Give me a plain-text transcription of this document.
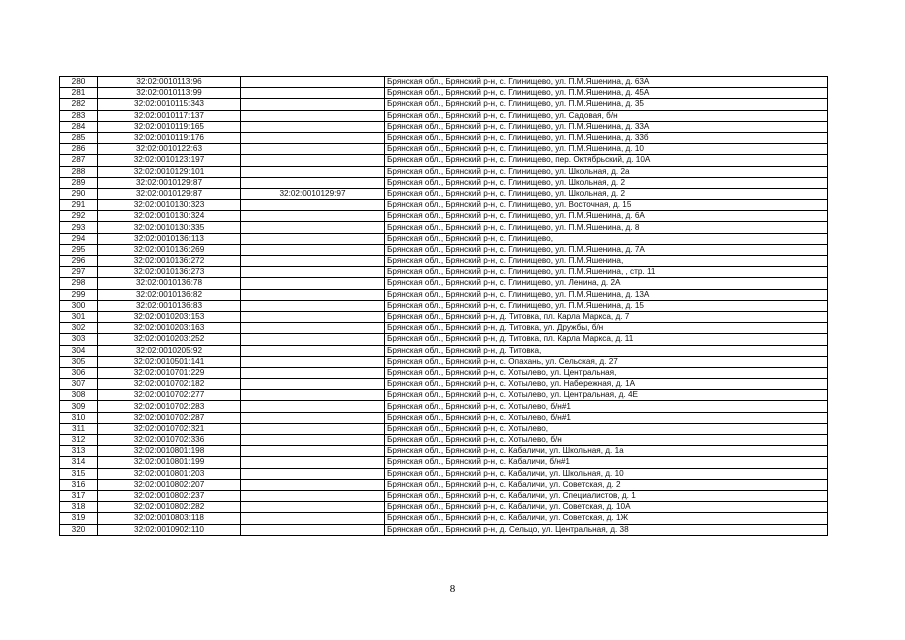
280	32:02:0010113:96		Брянская обл., Брянский р-н, с. Глинищево, ул. П.М.Яшенина, д. 63А
281	32:02:0010113:99		Брянская обл., Брянский р-н, с. Глинищево, ул. П.М.Яшенина, д. 45А
282	32:02:0010115:343		Брянская обл., Брянский р-н, с. Глинищево, ул. П.М.Яшенина, д. 35
283	32:02:0010117:137		Брянская обл., Брянский р-н, с. Глинищево, ул. Садовая, б/н
284	32:02:0010119:165		Брянская обл., Брянский р-н, с. Глинищево, ул. П.М.Яшенина, д. 33А
285	32:02:0010119:176		Брянская обл., Брянский р-н, с. Глинищево, ул. П.М.Яшенина, д. 33б
286	32:02:0010122:63		Брянская обл., Брянский р-н, с. Глинищево, ул. П.М.Яшенина, д. 10
287	32:02:0010123:197		Брянская обл., Брянский р-н, с. Глинищево, пер. Октябрьский, д. 10А
288	32:02:0010129:101		Брянская обл., Брянский р-н, с. Глинищево, ул. Школьная, д. 2а
289	32:02:0010129:87		Брянская обл., Брянский р-н, с. Глинищево, ул. Школьная, д. 2
290	32:02:0010129:87	32:02:0010129:97	Брянская обл., Брянский р-н, с. Глинищево, ул. Школьная, д. 2
291	32:02:0010130:323		Брянская обл., Брянский р-н, с. Глинищево, ул. Восточная, д. 15
292	32:02:0010130:324		Брянская обл., Брянский р-н, с. Глинищево, ул. П.М.Яшенина, д. 6А
293	32:02:0010130:335		Брянская обл., Брянский р-н, с. Глинищево, ул. П.М.Яшенина, д. 8
294	32:02:0010136:113		Брянская обл., Брянский р-н, с. Глинищево,
295	32:02:0010136:269		Брянская обл., Брянский р-н, с. Глинищево, ул. П.М.Яшенина, д. 7А
296	32:02:0010136:272		Брянская обл., Брянский р-н, с. Глинищево, ул. П.М.Яшенина,
297	32:02:0010136:273		Брянская обл., Брянский р-н, с. Глинищево, ул. П.М.Яшенина, , стр. 11
298	32:02:0010136:78		Брянская обл., Брянский р-н, с. Глинищево, ул. Ленина, д. 2А
299	32:02:0010136:82		Брянская обл., Брянский р-н, с. Глинищево, ул. П.М.Яшенина, д. 13А
300	32:02:0010136:83		Брянская обл., Брянский р-н, с. Глинищево, ул. П.М.Яшенина, д. 15
301	32:02:0010203:153		Брянская обл., Брянский р-н, д. Титовка, пл. Карла Маркса, д. 7
302	32:02:0010203:163		Брянская обл., Брянский р-н, д. Титовка, ул. Дружбы, б/н
303	32:02:0010203:252		Брянская обл., Брянский р-н, д. Титовка, пл. Карла Маркса, д. 11
304	32:02:0010205:92		Брянская обл., Брянский р-н, д. Титовка,
305	32:02:0010501:141		Брянская обл., Брянский р-н, с. Опахань, ул. Сельская, д. 27
306	32:02:0010701:229		Брянская обл., Брянский р-н, с. Хотылево, ул. Центральная,
307	32:02:0010702:182		Брянская обл., Брянский р-н, с. Хотылево, ул. Набережная, д. 1А
308	32:02:0010702:277		Брянская обл., Брянский р-н, с. Хотылево, ул. Центральная, д. 4Е
309	32:02:0010702:283		Брянская обл., Брянский р-н, с. Хотылево, б/н#1
310	32:02:0010702:287		Брянская обл., Брянский р-н, с. Хотылево, б/н#1
311	32:02:0010702:321		Брянская обл., Брянский р-н, с. Хотылево,
312	32:02:0010702:336		Брянская обл., Брянский р-н, с. Хотылево, б/н
313	32:02:0010801:198		Брянская обл., Брянский р-н, с. Кабаличи, ул. Школьная, д. 1а
314	32:02:0010801:199		Брянская обл., Брянский р-н, с. Кабаличи, б/н#1
315	32:02:0010801:203		Брянская обл., Брянский р-н, с. Кабаличи, ул. Школьная, д. 10
316	32:02:0010802:207		Брянская обл., Брянский р-н, с. Кабаличи, ул. Советская, д. 2
317	32:02:0010802:237		Брянская обл., Брянский р-н, с. Кабаличи, ул. Специалистов, д. 1
318	32:02:0010802:282		Брянская обл., Брянский р-н, с. Кабаличи, ул. Советская, д. 10А
319	32:02:0010803:118		Брянская обл., Брянский р-н, с. Кабаличи, ул. Советская, д. 1Ж
320	32:02:0010902:110		Брянская обл., Брянский р-н, д. Сельцо, ул. Центральная, д. 38
8
